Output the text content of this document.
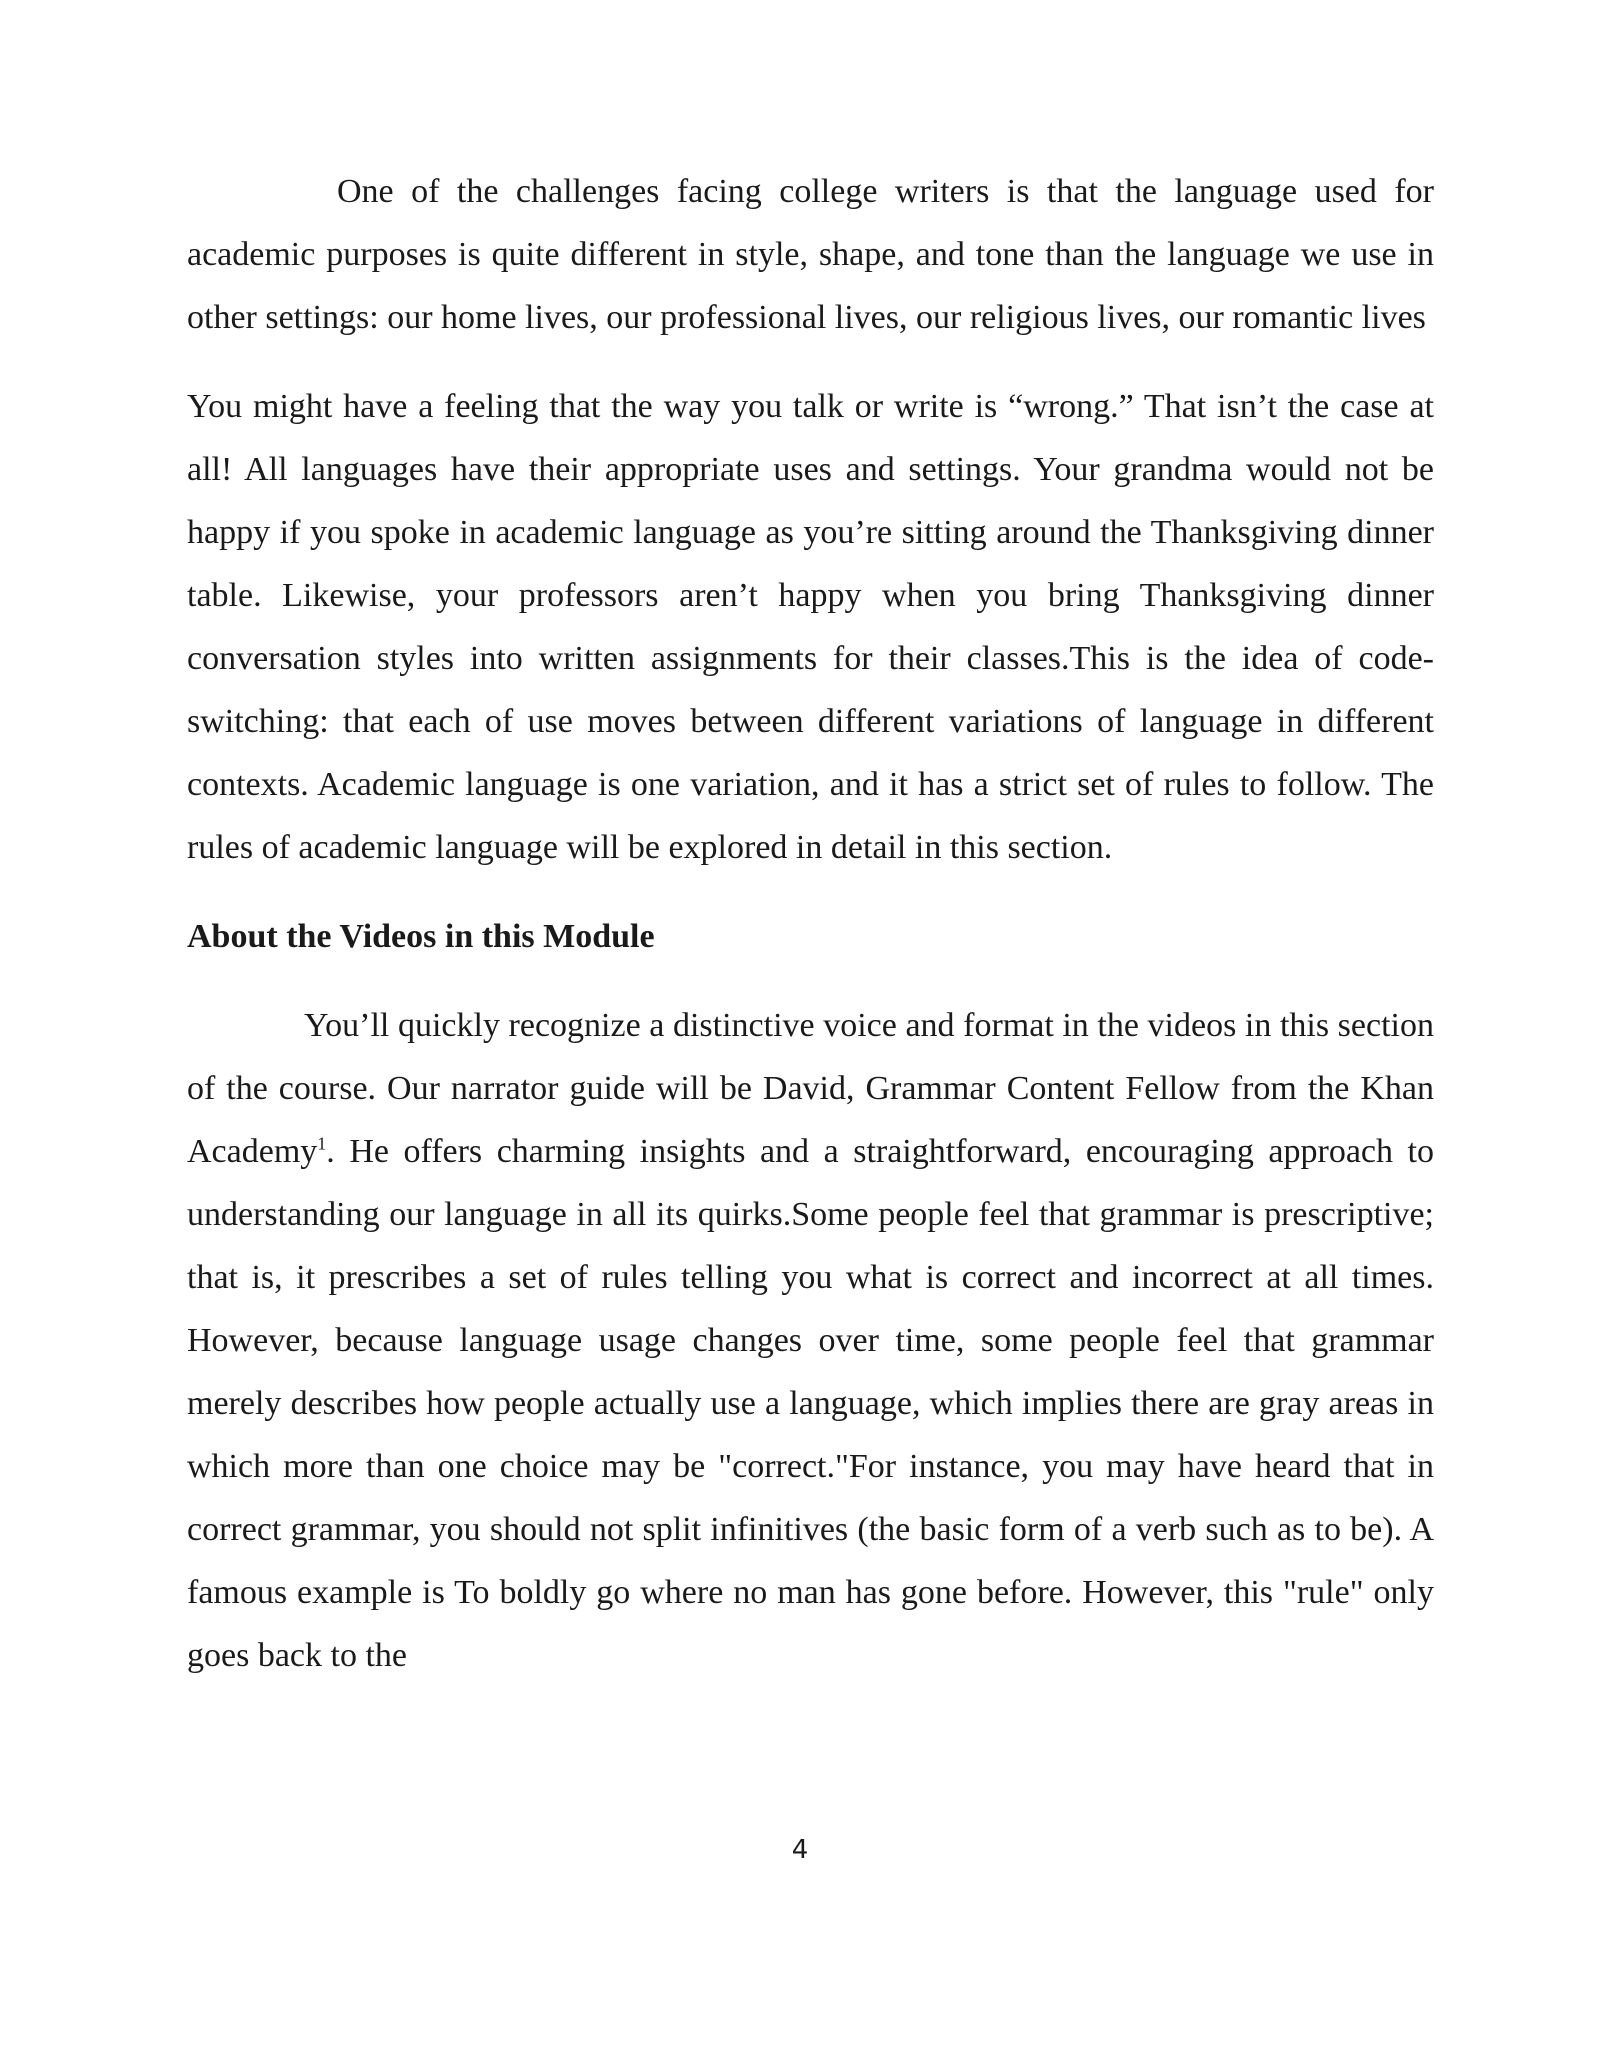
One of the challenges facing college writers is that the language used for academic purposes is quite different in style, shape, and tone than the language we use in other settings: our home lives, our professional lives, our religious lives, our romantic lives

You might have a feeling that the way you talk or write is “wrong.” That isn’t the case at all! All languages have their appropriate uses and settings. Your grandma would not be happy if you spoke in academic language as you’re sitting around the Thanksgiving dinner table. Likewise, your professors aren’t happy when you bring Thanksgiving dinner conversation styles into written assignments for their classes.This is the idea of code-switching: that each of use moves between different variations of language in different contexts. Academic language is one variation, and it has a strict set of rules to follow. The rules of academic language will be explored in detail in this section.

About the Videos in this Module

You’ll quickly recognize a distinctive voice and format in the videos in this section of the course. Our narrator guide will be David, Grammar Content Fellow from the Khan Academy$^1$. He offers charming insights and a straightforward, encouraging approach to understanding our language in all its quirks.Some people feel that grammar is prescriptive; that is, it prescribes a set of rules telling you what is correct and incorrect at all times. However, because language usage changes over time, some people feel that grammar merely describes how people actually use a language, which implies there are gray areas in which more than one choice may be "correct."For instance, you may have heard that in correct grammar, you should not split infinitives (the basic form of a verb such as to be). A famous example is To boldly go where no man has gone before. However, this "rule" only goes back to the

4
